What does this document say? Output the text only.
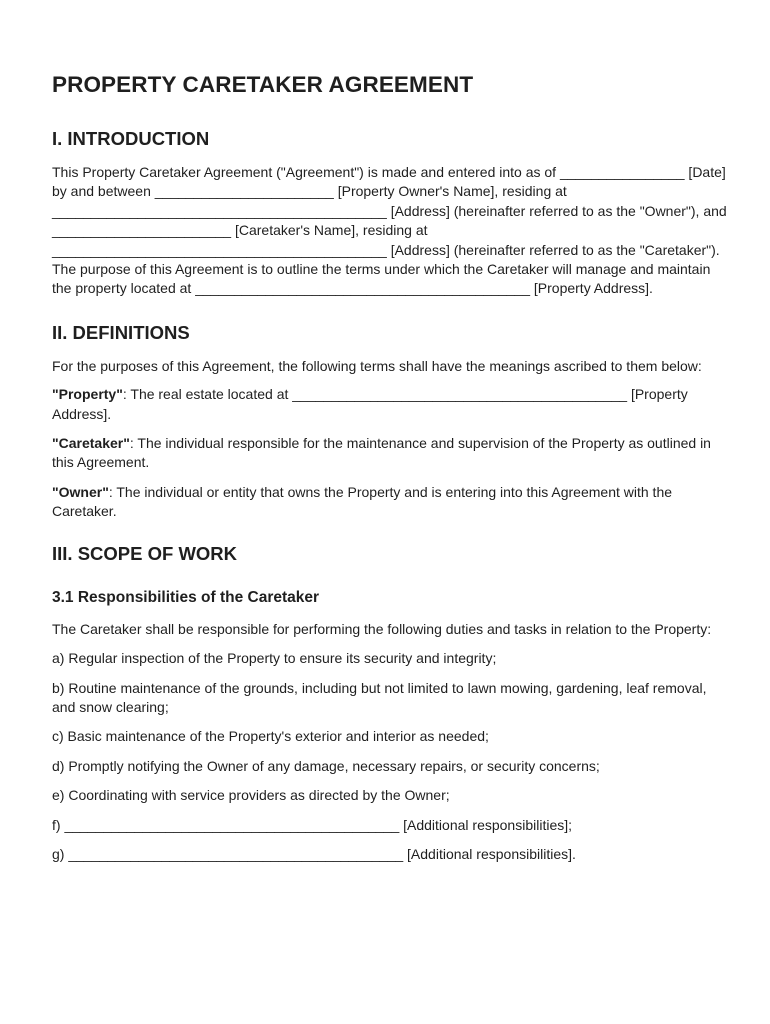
PROPERTY CARETAKER AGREEMENT
I. INTRODUCTION

This Property Caretaker Agreement ("Agreement") is made and entered into as of ________________ [Date] by and between _______________________ [Property Owner's Name], residing at ___________________________________________ [Address] (hereinafter referred to as the "Owner"), and _______________________ [Caretaker's Name], residing at ___________________________________________ [Address] (hereinafter referred to as the "Caretaker"). The purpose of this Agreement is to outline the terms under which the Caretaker will manage and maintain the property located at ___________________________________________ [Property Address].

II. DEFINITIONS

For the purposes of this Agreement, the following terms shall have the meanings ascribed to them below:

"Property": The real estate located at ___________________________________________ [Property Address].

"Caretaker": The individual responsible for the maintenance and supervision of the Property as outlined in this Agreement.

"Owner": The individual or entity that owns the Property and is entering into this Agreement with the Caretaker.

III. SCOPE OF WORK
3.1 Responsibilities of the Caretaker

The Caretaker shall be responsible for performing the following duties and tasks in relation to the Property:

a) Regular inspection of the Property to ensure its security and integrity;

b) Routine maintenance of the grounds, including but not limited to lawn mowing, gardening, leaf removal, and snow clearing;

c) Basic maintenance of the Property's exterior and interior as needed;

d) Promptly notifying the Owner of any damage, necessary repairs, or security concerns;

e) Coordinating with service providers as directed by the Owner;

f) ___________________________________________ [Additional responsibilities];

g) ___________________________________________ [Additional responsibilities].
